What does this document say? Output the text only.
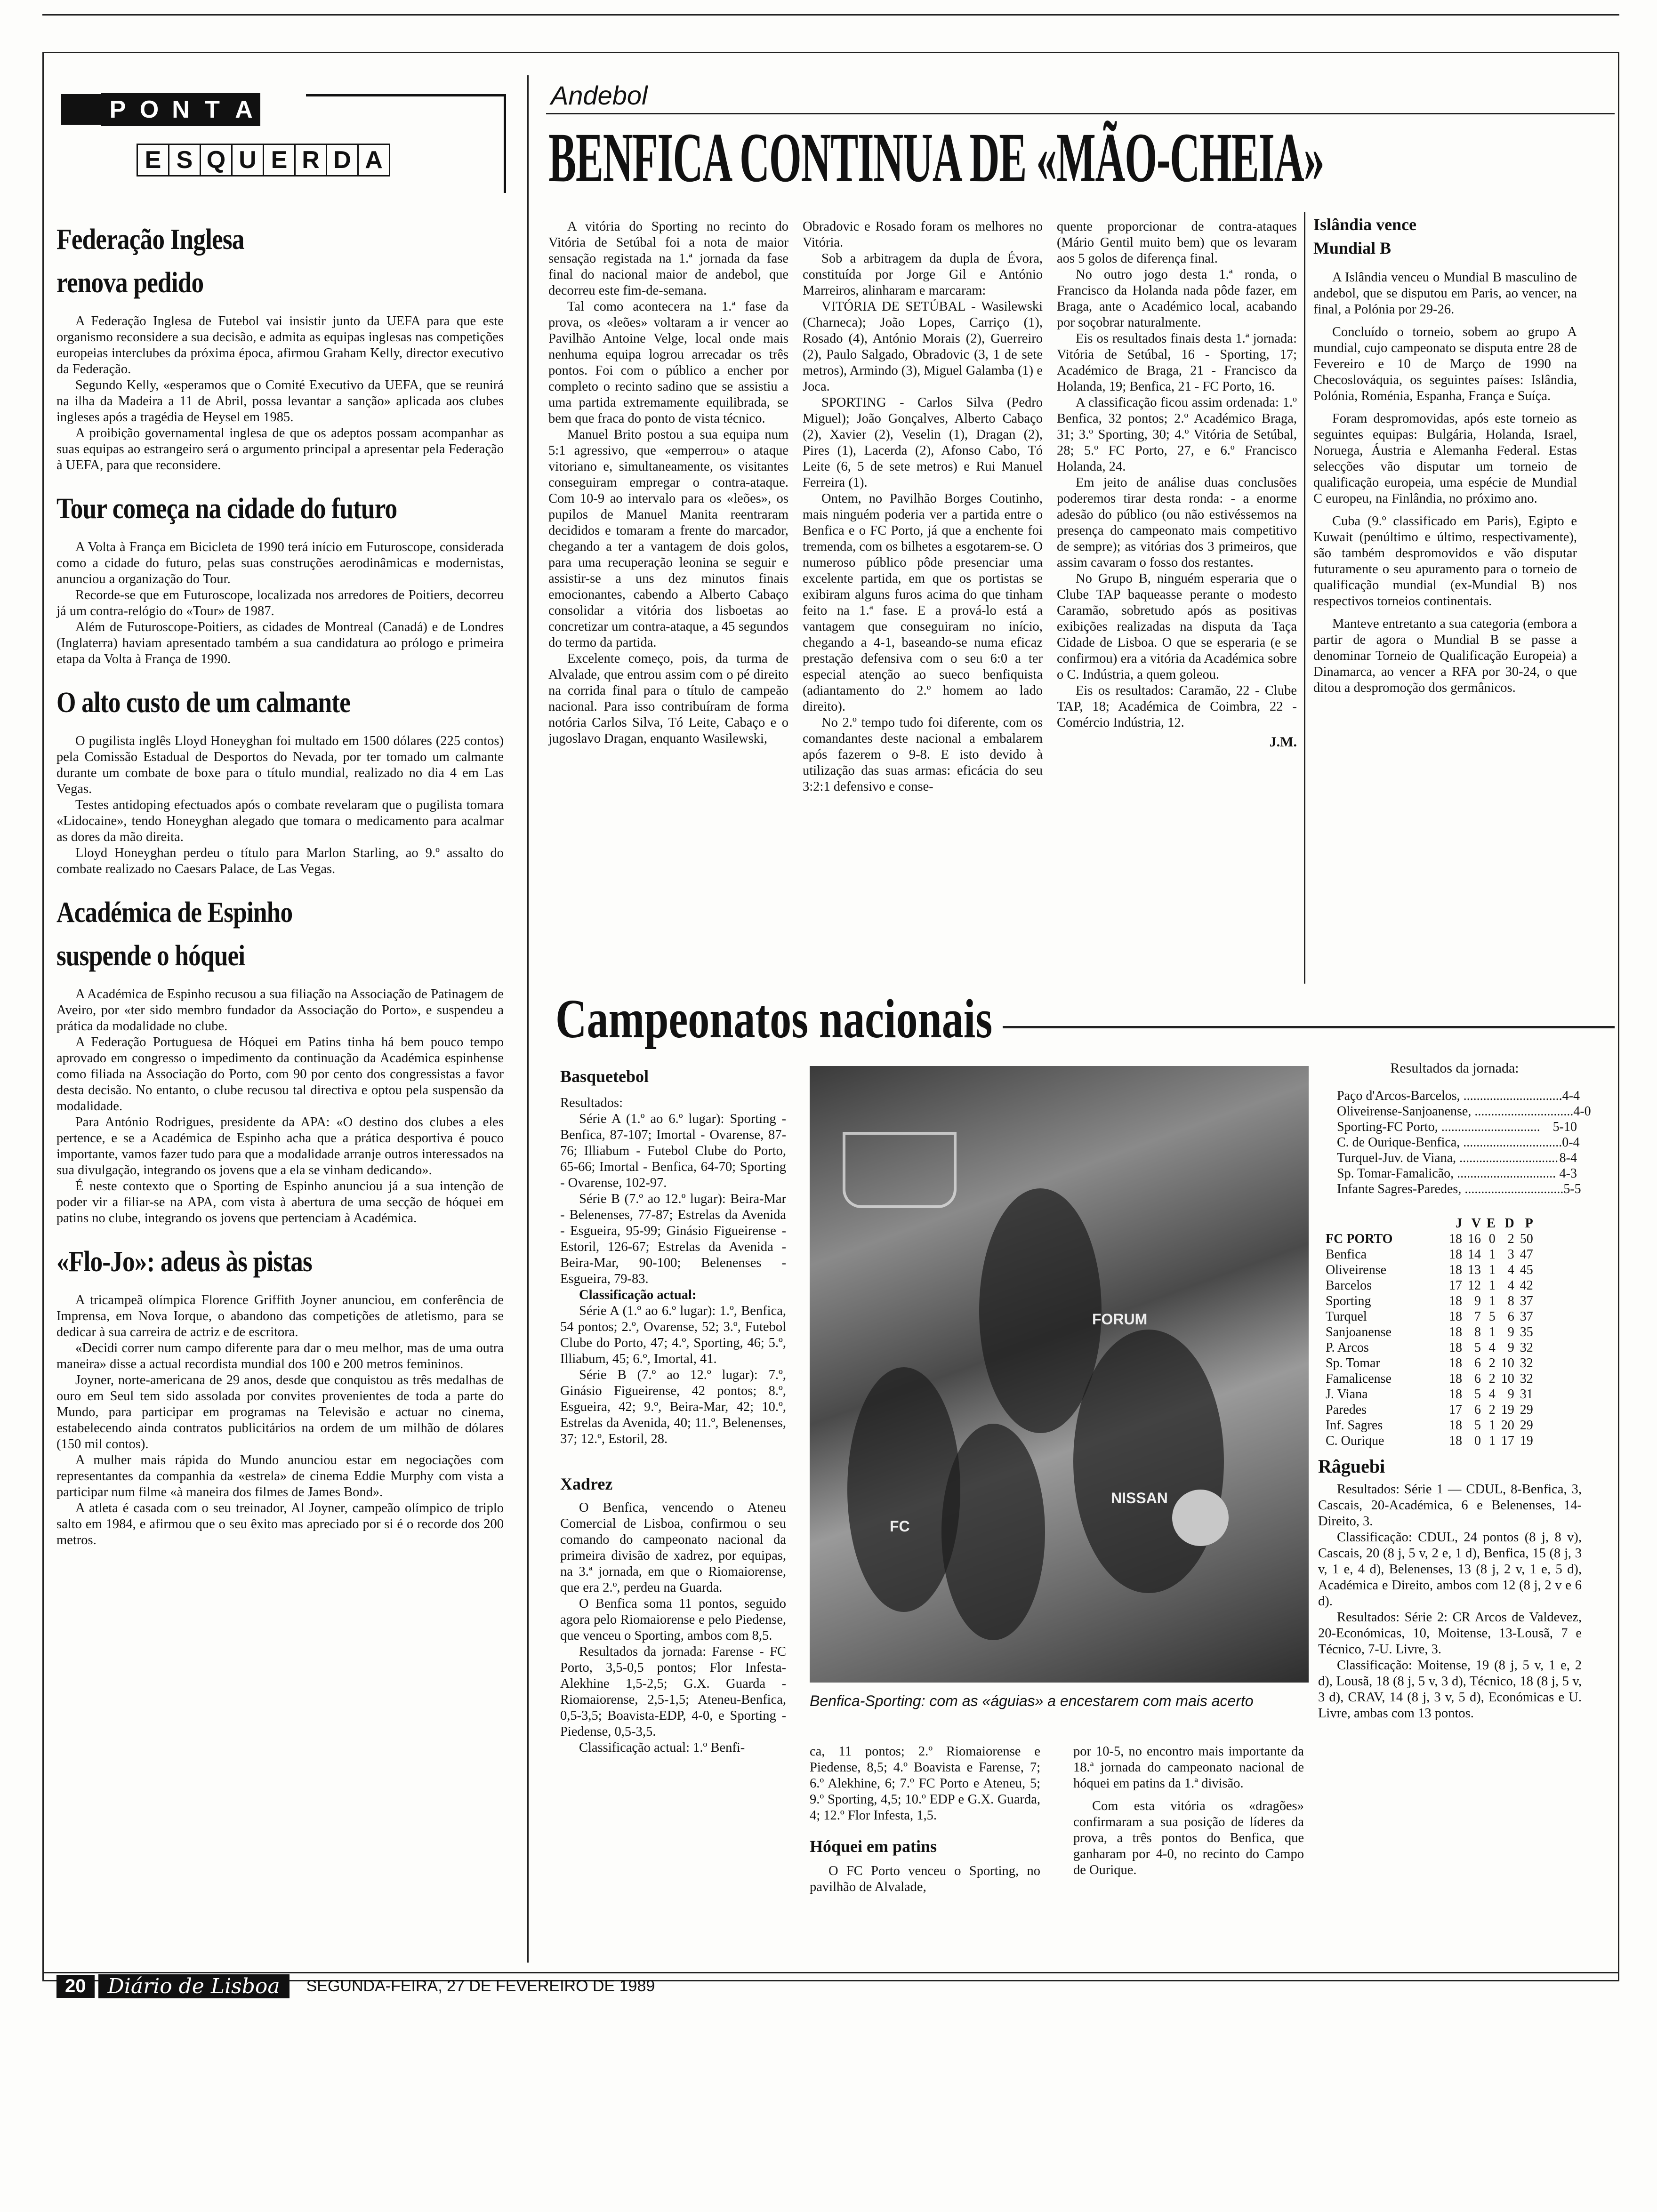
P O N T A
E S Q U E R D A
Federação Inglesa
renova pedido

A Federação Inglesa de Futebol vai insistir junto da UEFA para que este organismo reconsidere a sua decisão, e admita as equipas inglesas nas competições europeias interclubes da próxima época, afirmou Graham Kelly, director executivo da Federação.

Segundo Kelly, «esperamos que o Comité Executivo da UEFA, que se reunirá na ilha da Madeira a 11 de Abril, possa levantar a sanção» aplicada aos clubes ingleses após a tragédia de Heysel em 1985.

A proibição governamental inglesa de que os adeptos possam acompanhar as suas equipas ao estrangeiro será o argumento principal a apresentar pela Federação à UEFA, para que reconsidere.

Tour começa na cidade do futuro

A Volta à França em Bicicleta de 1990 terá início em Futuroscope, considerada como a cidade do futuro, pelas suas construções aerodinâmicas e modernistas, anunciou a organização do Tour.

Recorde-se que em Futuroscope, localizada nos arredores de Poitiers, decorreu já um contra-relógio do «Tour» de 1987.

Além de Futuroscope-Poitiers, as cidades de Montreal (Canadá) e de Londres (Inglaterra) haviam apresentado também a sua candidatura ao prólogo e primeira etapa da Volta à França de 1990.

O alto custo de um calmante

O pugilista inglês Lloyd Honeyghan foi multado em 1500 dólares (225 contos) pela Comissão Estadual de Desportos do Nevada, por ter tomado um calmante durante um combate de boxe para o título mundial, realizado no dia 4 em Las Vegas.

Testes antidoping efectuados após o combate revelaram que o pugilista tomara «Lidocaine», tendo Honeyghan alegado que tomara o medicamento para acalmar as dores da mão direita.

Lloyd Honeyghan perdeu o título para Marlon Starling, ao 9.º assalto do combate realizado no Caesars Palace, de Las Vegas.

Académica de Espinho
suspende o hóquei

A Académica de Espinho recusou a sua filiação na Associação de Patinagem de Aveiro, por «ter sido membro fundador da Associação do Porto», e suspendeu a prática da modalidade no clube.

A Federação Portuguesa de Hóquei em Patins tinha há bem pouco tempo aprovado em congresso o impedimento da continuação da Académica espinhense como filiada na Associação do Porto, com 90 por cento dos congressistas a favor desta decisão. No entanto, o clube recusou tal directiva e optou pela suspensão da modalidade.

Para António Rodrigues, presidente da APA: «O destino dos clubes a eles pertence, e se a Académica de Espinho acha que a prática desportiva é pouco importante, vamos fazer tudo para que a modalidade arranje outros interessados na sua divulgação, integrando os jovens que a ela se vinham dedicando».

É neste contexto que o Sporting de Espinho anunciou já a sua intenção de poder vir a filiar-se na APA, com vista à abertura de uma secção de hóquei em patins no clube, integrando os jovens que pertenciam à Académica.

«Flo-Jo»: adeus às pistas

A tricampeã olímpica Florence Griffith Joyner anunciou, em conferência de Imprensa, em Nova Iorque, o abandono das competições de atletismo, para se dedicar à sua carreira de actriz e de escritora.

«Decidi correr num campo diferente para dar o meu melhor, mas de uma outra maneira» disse a actual recordista mundial dos 100 e 200 metros femininos.

Joyner, norte-americana de 29 anos, desde que conquistou as três medalhas de ouro em Seul tem sido assolada por convites provenientes de toda a parte do Mundo, para participar em programas na Televisão e actuar no cinema, estabelecendo ainda contratos publicitários na ordem de um milhão de dólares (150 mil contos).

A mulher mais rápida do Mundo anunciou estar em negociações com representantes da companhia da «estrela» de cinema Eddie Murphy com vista a participar num filme «à maneira dos filmes de James Bond».

A atleta é casada com o seu treinador, Al Joyner, campeão olímpico de triplo salto em 1984, e afirmou que o seu êxito mas apreciado por si é o recorde dos 200 metros.

Andebol
BENFICA CONTINUA DE «MÃO-CHEIA»

A vitória do Sporting no recinto do Vitória de Setúbal foi a nota de maior sensação registada na 1.ª jornada da fase final do nacional maior de andebol, que decorreu este fim-de-semana.

Tal como acontecera na 1.ª fase da prova, os «leões» voltaram a ir vencer ao Pavilhão Antoine Velge, local onde mais nenhuma equipa logrou arrecadar os três pontos. Foi com o público a encher por completo o recinto sadino que se assistiu a uma partida extremamente equilibrada, se bem que fraca do ponto de vista técnico.

Manuel Brito postou a sua equipa num 5:1 agressivo, que «emperrou» o ataque vitoriano e, simultaneamente, os visitantes conseguiram empregar o contra-ataque. Com 10-9 ao intervalo para os «leões», os pupilos de Manuel Manita reentraram decididos e tomaram a frente do marcador, chegando a ter a vantagem de dois golos, para uma recuperação leonina se seguir e assistir-se a uns dez minutos finais emocionantes, cabendo a Alberto Cabaço consolidar a vitória dos lisboetas ao concretizar um contra-ataque, a 45 segundos do termo da partida.

Excelente começo, pois, da turma de Alvalade, que entrou assim com o pé direito na corrida final para o título de campeão nacional. Para isso contribuíram de forma notória Carlos Silva, Tó Leite, Cabaço e o jugoslavo Dragan, enquanto Wasilewski,

Obradovic e Rosado foram os melhores no Vitória.

Sob a arbitragem da dupla de Évora, constituída por Jorge Gil e António Marreiros, alinharam e marcaram:

VITÓRIA DE SETÚBAL - Wasilewski (Charneca); João Lopes, Carriço (1), Rosado (4), António Morais (2), Guerreiro (2), Paulo Salgado, Obradovic (3, 1 de sete metros), Armindo (3), Miguel Galamba (1) e Joca.

SPORTING - Carlos Silva (Pedro Miguel); João Gonçalves, Alberto Cabaço (2), Xavier (2), Veselin (1), Dragan (2), Pires (1), Lacerda (2), Afonso Cabo, Tó Leite (6, 5 de sete metros) e Rui Manuel Ferreira (1).

Ontem, no Pavilhão Borges Coutinho, mais ninguém poderia ver a partida entre o Benfica e o FC Porto, já que a enchente foi tremenda, com os bilhetes a esgotarem-se. O numeroso público pôde presenciar uma excelente partida, em que os portistas se exibiram alguns furos acima do que tinham feito na 1.ª fase. E a prová-lo está a vantagem que conseguiram no início, chegando a 4-1, baseando-se numa eficaz prestação defensiva com o seu 6:0 a ter especial atenção ao sueco benfiquista (adiantamento do 2.º homem ao lado direito).

No 2.º tempo tudo foi diferente, com os comandantes deste nacional a embalarem após fazerem o 9-8. E isto devido à utilização das suas armas: eficácia do seu 3:2:1 defensivo e conse-

quente proporcionar de contra-ataques (Mário Gentil muito bem) que os levaram aos 5 golos de diferença final.

No outro jogo desta 1.ª ronda, o Francisco da Holanda nada pôde fazer, em Braga, ante o Académico local, acabando por soçobrar naturalmente.

Eis os resultados finais desta 1.ª jornada: Vitória de Setúbal, 16 - Sporting, 17; Académico de Braga, 21 - Francisco da Holanda, 19; Benfica, 21 - FC Porto, 16.

A classificação ficou assim ordenada: 1.º Benfica, 32 pontos; 2.º Académico Braga, 31; 3.º Sporting, 30; 4.º Vitória de Setúbal, 28; 5.º FC Porto, 27, e 6.º Francisco Holanda, 24.

Em jeito de análise duas conclusões poderemos tirar desta ronda: - a enorme adesão do público (ou não estivéssemos na presença do campeonato mais competitivo de sempre); as vitórias dos 3 primeiros, que assim cavaram o fosso dos restantes.

No Grupo B, ninguém esperaria que o Clube TAP baqueasse perante o modesto Caramão, sobretudo após as positivas exibições realizadas na disputa da Taça Cidade de Lisboa. O que se esperaria (e se confirmou) era a vitória da Académica sobre o C. Indústria, a quem goleou.

Eis os resultados: Caramão, 22 - Clube TAP, 18; Académica de Coimbra, 22 - Comércio Indústria, 12.

J.M.
Islândia vence
Mundial B

A Islândia venceu o Mundial B masculino de andebol, que se disputou em Paris, ao vencer, na final, a Polónia por 29-26.

Concluído o torneio, sobem ao grupo A mundial, cujo campeonato se disputa entre 28 de Fevereiro e 10 de Março de 1990 na Checoslováquia, os seguintes países: Islândia, Polónia, Roménia, Espanha, França e Suíça.

Foram despromovidas, após este torneio as seguintes equipas: Bulgária, Holanda, Israel, Noruega, Áustria e Alemanha Federal. Estas selecções vão disputar um torneio de qualificação europeia, uma espécie de Mundial C europeu, na Finlândia, no próximo ano.

Cuba (9.º classificado em Paris), Egipto e Kuwait (penúltimo e último, respectivamente), são também despromovidos e vão disputar futuramente o seu apuramento para o torneio de qualificação mundial (ex-Mundial B) nos respectivos torneios continentais.

Manteve entretanto a sua categoria (embora a partir de agora o Mundial B se passe a denominar Torneio de Qualificação Europeia) a Dinamarca, ao vencer a RFA por 30-24, o que ditou a despromoção dos germânicos.

Campeonatos nacionais
Basquetebol

Resultados:

Série A (1.º ao 6.º lugar): Sporting - Benfica, 87-107; Imortal - Ovarense, 87-76; Illiabum - Futebol Clube do Porto, 65-66; Imortal - Benfica, 64-70; Sporting - Ovarense, 102-97.

Série B (7.º ao 12.º lugar): Beira-Mar - Belenenses, 77-87; Estrelas da Avenida - Esgueira, 95-99; Ginásio Figueirense - Estoril, 126-67; Estrelas da Avenida - Beira-Mar, 90-100; Belenenses - Esgueira, 79-83.

Classificação actual:

Série A (1.º ao 6.º lugar): 1.º, Benfica, 54 pontos; 2.º, Ovarense, 52; 3.º, Futebol Clube do Porto, 47; 4.º, Sporting, 46; 5.º, Illiabum, 45; 6.º, Imortal, 41.

Série B (7.º ao 12.º lugar): 7.º, Ginásio Figueirense, 42 pontos; 8.º, Esgueira, 42; 9.º, Beira-Mar, 42; 10.º, Estrelas da Avenida, 40; 11.º, Belenenses, 37; 12.º, Estoril, 28.

Xadrez

O Benfica, vencendo o Ateneu Comercial de Lisboa, confirmou o seu comando do campeonato nacional da primeira divisão de xadrez, por equipas, na 3.ª jornada, em que o Riomaiorense, que era 2.º, perdeu na Guarda.

O Benfica soma 11 pontos, seguido agora pelo Riomaiorense e pelo Piedense, que venceu o Sporting, ambos com 8,5.

Resultados da jornada: Farense - FC Porto, 3,5-0,5 pontos; Flor Infesta-Alekhine 1,5-2,5; G.X. Guarda - Riomaiorense, 2,5-1,5; Ateneu-Benfica, 0,5-3,5; Boavista-EDP, 4-0, e Sporting - Piedense, 0,5-3,5.

Classificação actual: 1.º Benfi-

FORUM
NISSAN
FC
Benfica-Sporting: com as «águias» a encestarem com mais acerto

ca, 11 pontos; 2.º Riomaiorense e Piedense, 8,5; 4.º Boavista e Farense, 7; 6.º Alekhine, 6; 7.º FC Porto e Ateneu, 5; 9.º Sporting, 4,5; 10.º EDP e G.X. Guarda, 4; 12.º Flor Infesta, 1,5.

Hóquei em patins

O FC Porto venceu o Sporting, no pavilhão de Alvalade,

por 10-5, no encontro mais importante da 18.ª jornada do campeonato nacional de hóquei em patins da 1.ª divisão.

Com esta vitória os «dragões» confirmaram a sua posição de líderes da prova, a três pontos do Benfica, que ganharam por 4-0, no recinto do Campo de Ourique.

Resultados da jornada:
Paço d'Arcos-Barcelos, .............................. 4-4
Oliveirense-Sanjoanense, .............................. 4-0
Sporting-FC Porto, .............................. 5-10
C. de Ourique-Benfica, .............................. 0-4
Turquel-Juv. de Viana, .............................. 8-4
Sp. Tomar-Famalicão, .............................. 4-3
Infante Sagres-Paredes, .............................. 5-5
	J	V	E	D	P
FC PORTO	18	16	0	2	50
Benfica	18	14	1	3	47
Oliveirense	18	13	1	4	45
Barcelos	17	12	1	4	42
Sporting	18	9	1	8	37
Turquel	18	7	5	6	37
Sanjoanense	18	8	1	9	35
P. Arcos	18	5	4	9	32
Sp. Tomar	18	6	2	10	32
Famalicense	18	6	2	10	32
J. Viana	18	5	4	9	31
Paredes	17	6	2	19	29
Inf. Sagres	18	5	1	20	29
C. Ourique	18	0	1	17	19
Râguebi

Resultados: Série 1 — CDUL, 8-Benfica, 3, Cascais, 20-Académica, 6 e Belenenses, 14-Direito, 3.

Classificação: CDUL, 24 pontos (8 j, 8 v), Cascais, 20 (8 j, 5 v, 2 e, 1 d), Benfica, 15 (8 j, 3 v, 1 e, 4 d), Belenenses, 13 (8 j, 2 v, 1 e, 5 d), Académica e Direito, ambos com 12 (8 j, 2 v e 6 d).

Resultados: Série 2: CR Arcos de Valdevez, 20-Económicas, 10, Moitense, 13-Lousã, 7 e Técnico, 7-U. Livre, 3.

Classificação: Moitense, 19 (8 j, 5 v, 1 e, 2 d), Lousã, 18 (8 j, 5 v, 3 d), Técnico, 18 (8 j, 5 v, 3 d), CRAV, 14 (8 j, 3 v, 5 d), Económicas e U. Livre, ambas com 13 pontos.

20	Diário de Lisboa	SEGUNDA-FEIRA, 27 DE FEVEREIRO DE 1989
